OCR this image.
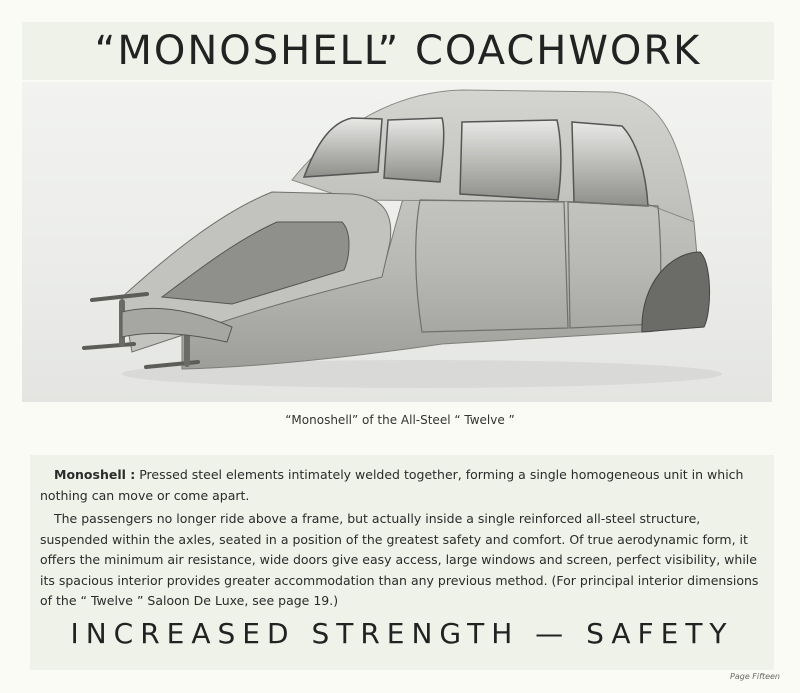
“MONOSHELL” COACHWORK
“Monoshell” of the All-Steel “ Twelve ”

Monoshell : Pressed steel elements intimately welded together, forming a single homogeneous unit in which nothing can move or come apart.

The passengers no longer ride above a frame, but actually inside a single reinforced all-steel structure, suspended within the axles, seated in a position of the greatest safety and comfort. Of true aerodynamic form, it offers the minimum air resistance, wide doors give easy access, large windows and screen, perfect visibility, while its spacious interior provides greater accommodation than any previous method. (For principal interior dimensions of the “ Twelve ” Saloon De Luxe, see page 19.)

INCREASED STRENGTH — SAFETY
Page Fifteen
